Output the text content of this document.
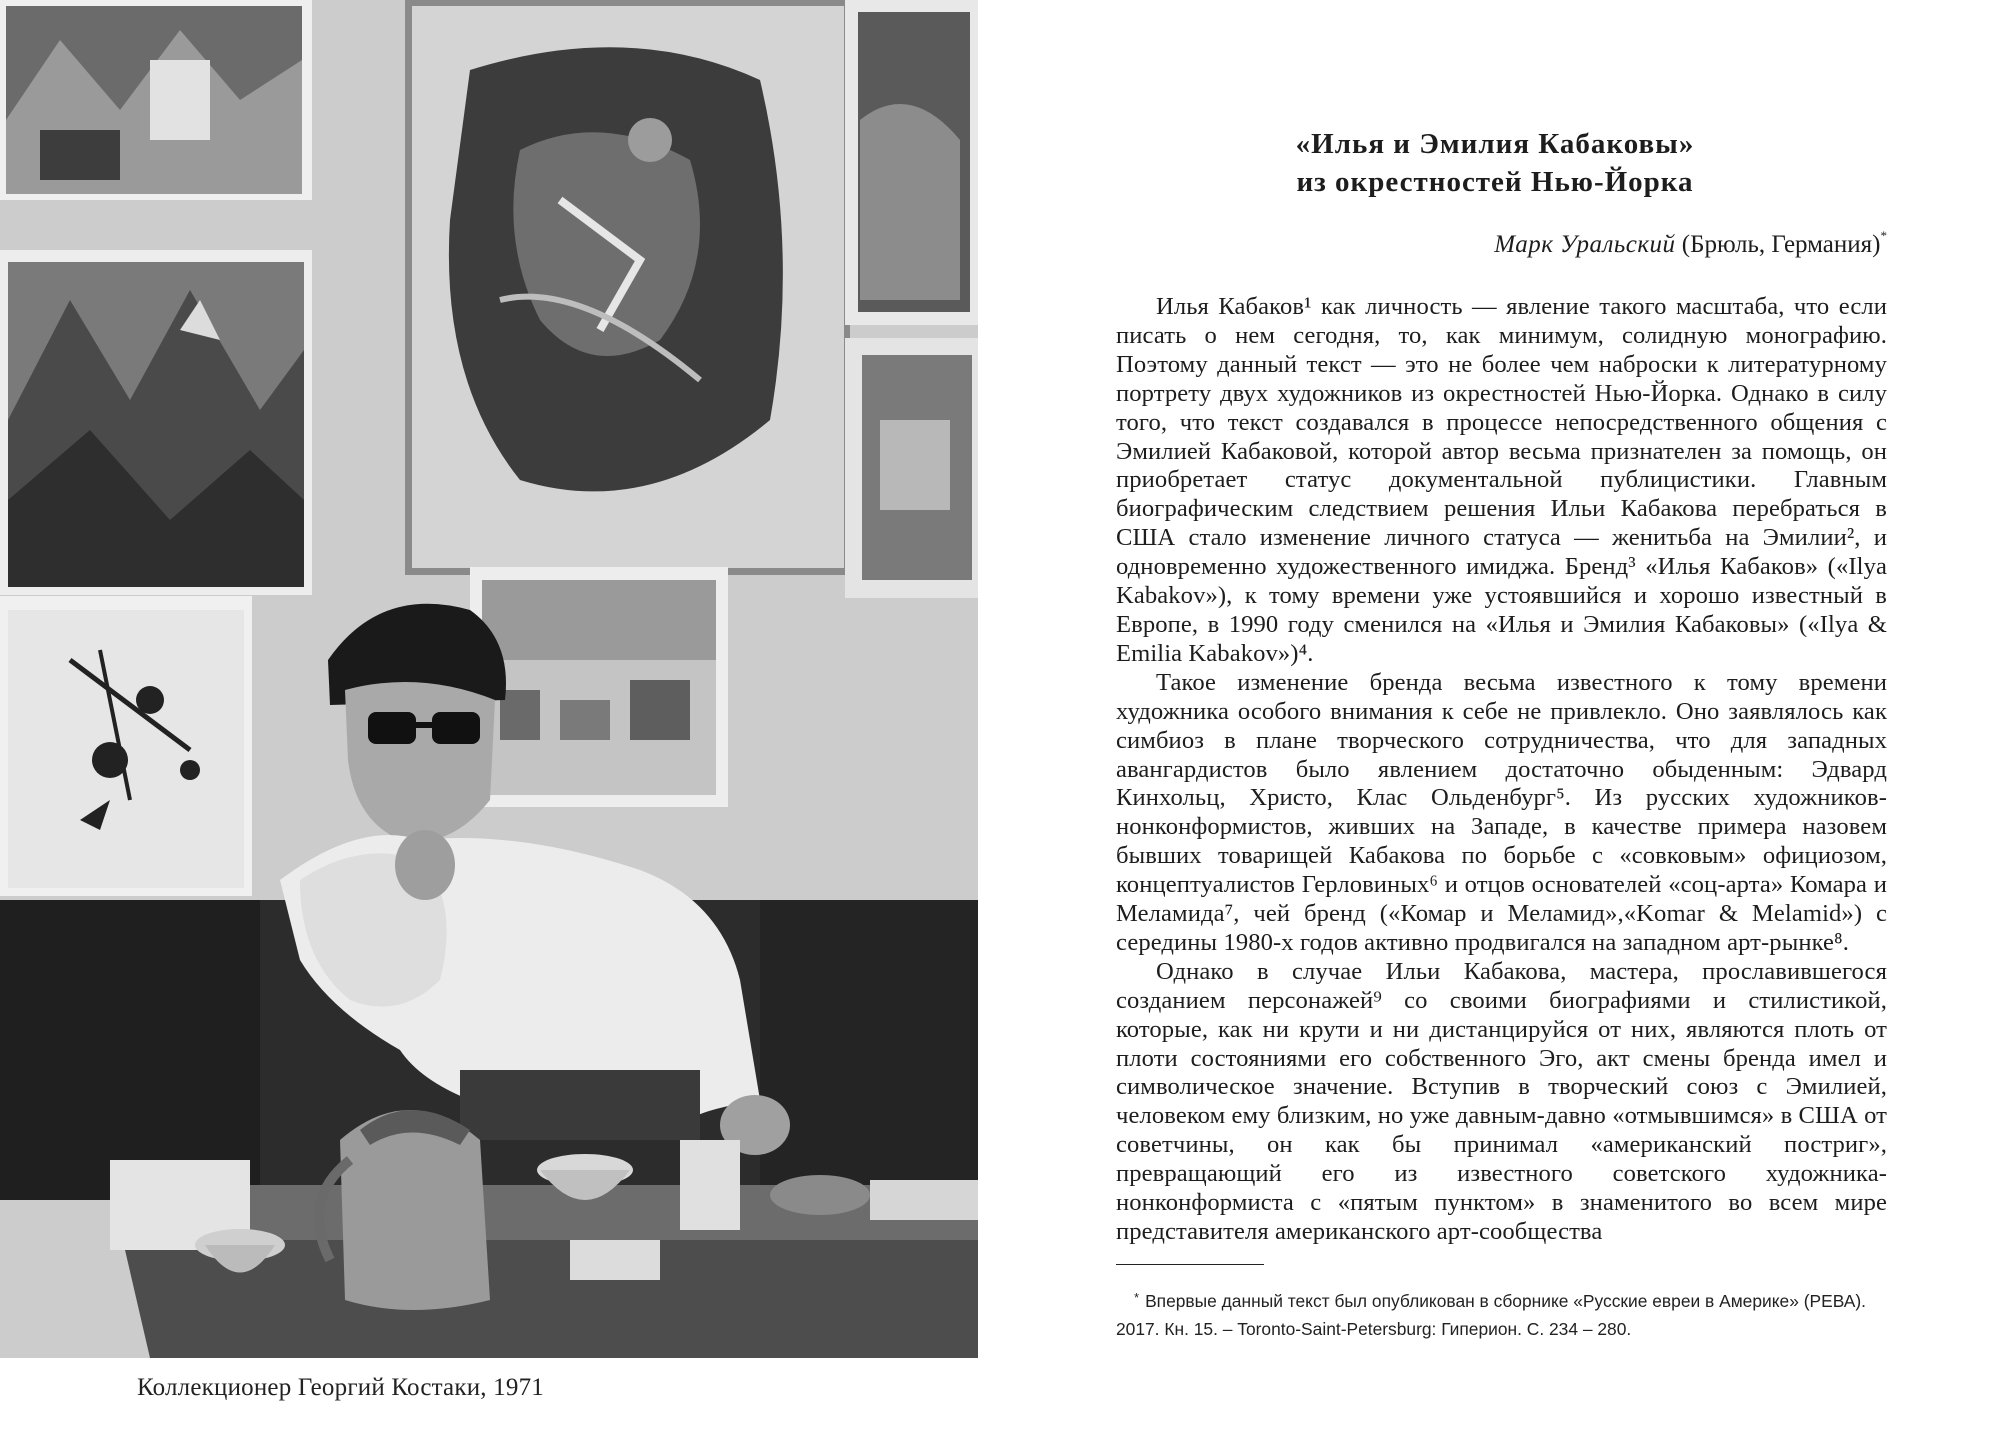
Коллекционер Георгий Костаки, 1971
«Илья и Эмилия Кабаковы»
из окрестностей Нью-Йорка
Марк Уральский (Брюль, Германия)*

Илья Кабаков¹ как личность — явление такого масштаба, что если писать о нем сегодня, то, как минимум, солидную монографию. Поэтому данный текст — это не более чем наброски к литературному портрету двух художников из окрестностей Нью-Йорка. Однако в силу того, что текст создавался в процессе непосредственного общения с Эмилией Кабаковой, которой автор весьма признателен за помощь, он приобретает статус документальной публицистики. Главным биографическим следствием решения Ильи Кабакова перебраться в США стало изменение личного статуса — женитьба на Эмилии², и одновременно художественного имиджа. Бренд³ «Илья Кабаков» («Ilya Kabakov»), к тому времени уже устоявшийся и хорошо известный в Европе, в 1990 году сменился на «Илья и Эмилия Кабаковы» («Ilya & Emilia Kabakov»)⁴.

Такое изменение бренда весьма известного к тому времени художника особого внимания к себе не привлекло. Оно заявлялось как симбиоз в плане творческого сотрудничества, что для западных авангардистов было явлением достаточно обыденным: Эдвард Кинхольц, Христо, Клас Ольденбург⁵. Из русских художников-нонконформистов, живших на Западе, в качестве примера назовем бывших товарищей Кабакова по борьбе с «совковым» официозом, концептуалистов Герловиных⁶ и отцов основателей «соц-арта» Комара и Меламида⁷, чей бренд («Комар и Меламид»,«Komar & Melamid») с середины 1980-х годов активно продвигался на западном арт-рынке⁸.

Однако в случае Ильи Кабакова, мастера, прославившегося созданием персонажей⁹ со своими биографиями и стилистикой, которые, как ни крути и ни дистанцируйся от них, являются плоть от плоти состояниями его собственного Эго, акт смены бренда имел и символическое значение. Вступив в творческий союз с Эмилией, человеком ему близким, но уже давным-давно «отмывшимся» в США от советчины, он как бы принимал «американский постриг», превращающий его из известного советского художника-нонконформиста с «пятым пунктом» в знаменитого во всем мире представителя американского арт-сообщества

* Впервые данный текст был опубликован в сборнике «Русские евреи в Америке» (РЕВА). 2017. Кн. 15. – Toronto-Saint-Petersburg: Гиперион. С. 234 – 280.
